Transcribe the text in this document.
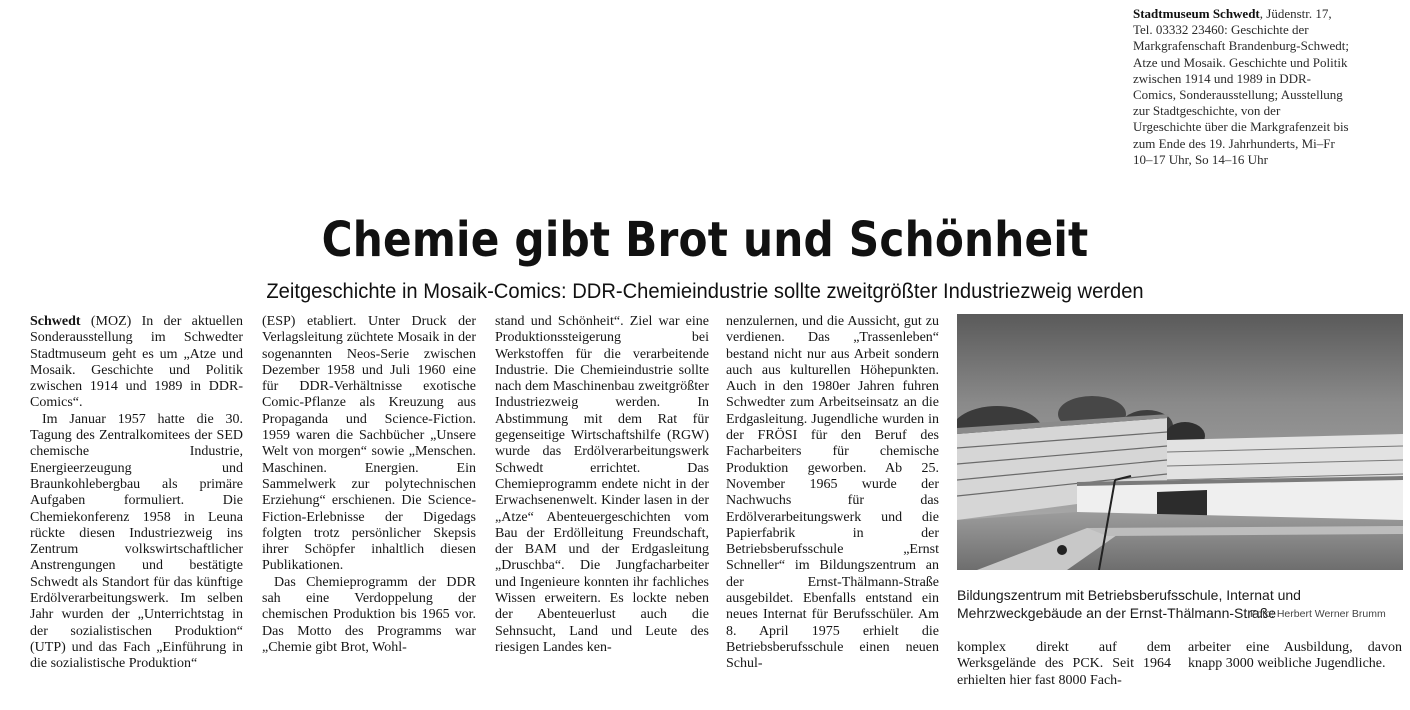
Stadtmuseum Schwedt, Jüdenstr. 17, Tel. 03332 23460: Geschichte der Markgrafenschaft Brandenburg-Schwedt; Atze und Mosaik. Geschichte und Politik zwischen 1914 und 1989 in DDR-Comics, Sonderausstellung; Ausstellung zur Stadtgeschichte, von der Urgeschichte über die Markgrafenzeit bis zum Ende des 19. Jahrhunderts, Mi–Fr 10–17 Uhr, So 14–16 Uhr
Chemie gibt Brot und Schönheit
Zeitgeschichte in Mosaik-Comics: DDR-Chemieindustrie sollte zweitgrößter Industriezweig werden

Schwedt (MOZ) In der aktuellen Sonderausstellung im Schwedter Stadtmuseum geht es um „Atze und Mosaik. Geschichte und Politik zwischen 1914 und 1989 in DDR-Comics“.

Im Januar 1957 hatte die 30. Tagung des Zentralkomitees der SED chemische Industrie, Energieerzeugung und Braunkohlebergbau als primäre Aufgaben formuliert. Die Chemiekonferenz 1958 in Leuna rückte diesen Industriezweig ins Zentrum volkswirtschaftlicher Anstrengungen und bestätigte Schwedt als Standort für das künftige Erdölverarbeitungswerk. Im selben Jahr wurden der „Unterrichtstag in der sozialistischen Produktion“ (UTP) und das Fach „Einführung in die sozialistische Produktion“

(ESP) etabliert. Unter Druck der Verlagsleitung züchtete Mosaik in der sogenannten Neos-Serie zwischen Dezember 1958 und Juli 1960 eine für DDR-Verhältnisse exotische Comic-Pflanze als Kreuzung aus Propaganda und Science-Fiction. 1959 waren die Sachbücher „Unsere Welt von morgen“ sowie „Menschen. Maschinen. Energien. Ein Sammelwerk zur polytechnischen Erziehung“ erschienen. Die Science-Fiction-Erlebnisse der Digedags folgten trotz persönlicher Skepsis ihrer Schöpfer inhaltlich diesen Publikationen.

Das Chemieprogramm der DDR sah eine Verdoppelung der chemischen Produktion bis 1965 vor. Das Motto des Programms war „Chemie gibt Brot, Wohl-

stand und Schönheit“. Ziel war eine Produktionssteigerung bei Werkstoffen für die verarbeitende Industrie. Die Chemieindustrie sollte nach dem Maschinenbau zweitgrößter Industriezweig werden. In Abstimmung mit dem Rat für gegenseitige Wirtschaftshilfe (RGW) wurde das Erdölverarbeitungswerk Schwedt errichtet. Das Chemieprogramm endete nicht in der Erwachsenenwelt. Kinder lasen in der „Atze“ Abenteuergeschichten vom Bau der Erdölleitung Freundschaft, der BAM und der Erdgasleitung „Druschba“. Die Jungfacharbeiter und Ingenieure konnten ihr fachliches Wissen erweitern. Es lockte neben der Abenteuerlust auch die Sehnsucht, Land und Leute des riesigen Landes ken-

nenzulernen, und die Aussicht, gut zu verdienen. Das „Trassenleben“ bestand nicht nur aus Arbeit sondern auch aus kulturellen Höhepunkten. Auch in den 1980er Jahren fuhren Schwedter zum Arbeitseinsatz an die Erdgasleitung. Jugendliche wurden in der FRÖSI für den Beruf des Facharbeiters für chemische Produktion geworben. Ab 25. November 1965 wurde der Nachwuchs für das Erdölverarbeitungswerk und die Papierfabrik in der Betriebsberufsschule „Ernst Schneller“ im Bildungszentrum an der Ernst-Thälmann-Straße ausgebildet. Ebenfalls entstand ein neues Internat für Berufsschüler. Am 8. April 1975 erhielt die Betriebsberufsschule einen neuen Schul-

Bildungszentrum mit Betriebsberufsschule, Internat und Mehrzweckgebäude an der Ernst-Thälmann-Straße
Foto: Herbert Werner Brumm

komplex direkt auf dem Werksgelände des PCK. Seit 1964 erhielten hier fast 8000 Fach-

arbeiter eine Ausbildung, davon knapp 3000 weibliche Jugendliche.
